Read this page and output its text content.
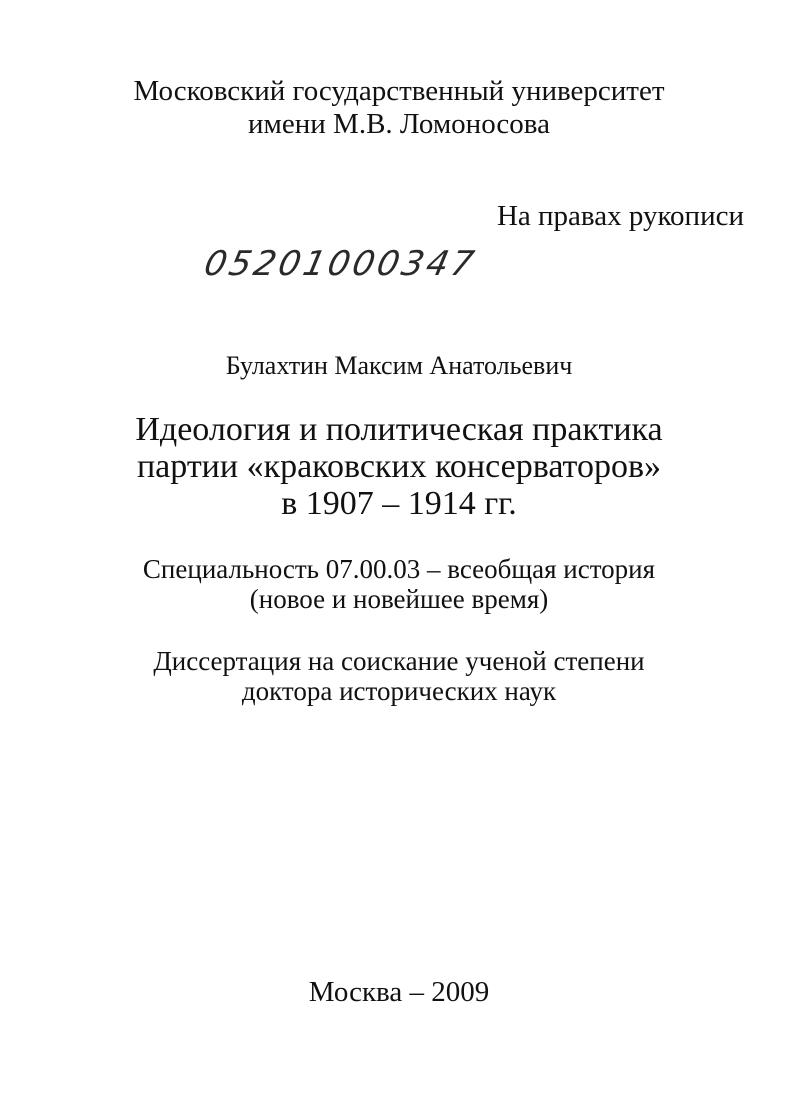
Московский государственный университет
имени М.В. Ломоносова
На правах рукописи
05201000347
Булахтин Максим Анатольевич
Идеология и политическая практика
партии «краковских консерваторов»
в 1907 – 1914 гг.
Специальность 07.00.03 – всеобщая история
(новое и новейшее время)
Диссертация на соискание ученой степени
доктора исторических наук
Москва – 2009
